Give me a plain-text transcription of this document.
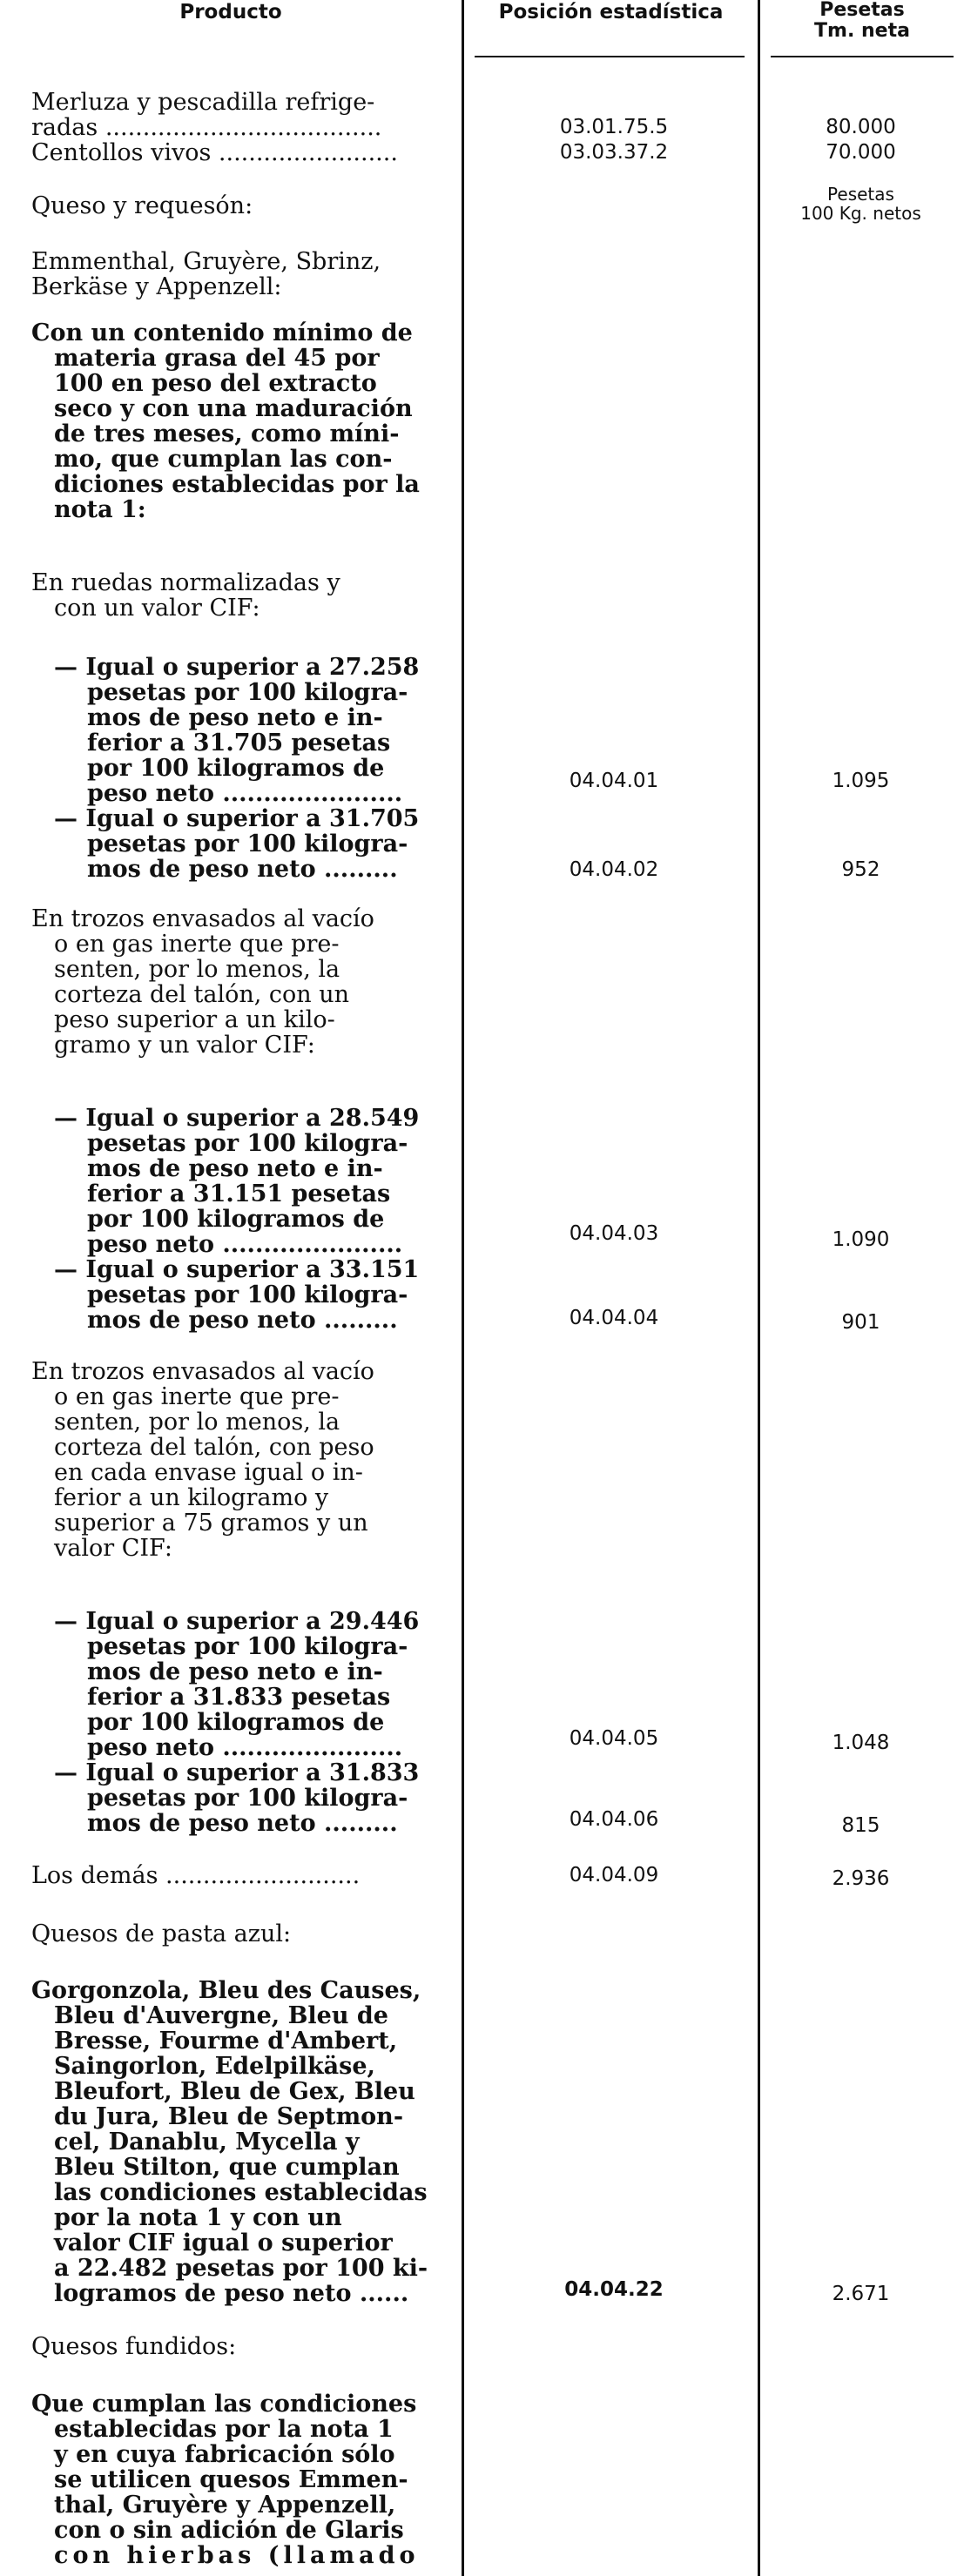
Producto	Posición estadística	Pesetas
Tm. neta
Merluza y pescadilla refrige-
radas .....................................	03.01.75.5	80.000
Centollos vivos ........................	03.03.37.2	70.000
Queso y requesón:	Pesetas
100 Kg. netos
Emmenthal, Gruyère, Sbrinz,
Berkäse y Appenzell:
Con un contenido mínimo de
materia grasa del 45 por
100 en peso del extracto
seco y con una maduración
de tres meses, como míni-
mo, que cumplan las con-
diciones establecidas por la
nota 1:
En ruedas normalizadas y
con un valor CIF:
— Igual o superior a 27.258
pesetas por 100 kilogra-
mos de peso neto e in-
ferior a 31.705 pesetas
por 100 kilogramos de
peso neto ......................	04.04.01	1.095
— Igual o superior a 31.705
pesetas por 100 kilogra-
mos de peso neto .........	04.04.02	952
En trozos envasados al vacío
o en gas inerte que pre-
senten, por lo menos, la
corteza del talón, con un
peso superior a un kilo-
gramo y un valor CIF:
— Igual o superior a 28.549
pesetas por 100 kilogra-
mos de peso neto e in-
ferior a 31.151 pesetas
por 100 kilogramos de
peso neto ......................	04.04.03	1.090
— Igual o superior a 33.151
pesetas por 100 kilogra-
mos de peso neto .........	04.04.04	901
En trozos envasados al vacío
o en gas inerte que pre-
senten, por lo menos, la
corteza del talón, con peso
en cada envase igual o in-
ferior a un kilogramo y
superior a 75 gramos y un
valor CIF:
— Igual o superior a 29.446
pesetas por 100 kilogra-
mos de peso neto e in-
ferior a 31.833 pesetas
por 100 kilogramos de
peso neto ......................	04.04.05	1.048
— Igual o superior a 31.833
pesetas por 100 kilogra-
mos de peso neto .........	04.04.06	815
Los demás ..........................	04.04.09	2.936
Quesos de pasta azul:
Gorgonzola, Bleu des Causes,
Bleu d'Auvergne, Bleu de
Bresse, Fourme d'Ambert,
Saingorlon, Edelpilkäse,
Bleufort, Bleu de Gex, Bleu
du Jura, Bleu de Septmon-
cel, Danablu, Mycella y
Bleu Stilton, que cumplan
las condiciones establecidas
por la nota 1 y con un
valor CIF igual o superior
a 22.482 pesetas por 100 ki-
logramos de peso neto ......	04.04.22	2.671
Quesos fundidos:
Que cumplan las condiciones
establecidas por la nota 1
y en cuya fabricación sólo
se utilicen quesos Emmen-
thal, Gruyère y Appenzell,
con o sin adición de Glaris
con hierbas (llamado
